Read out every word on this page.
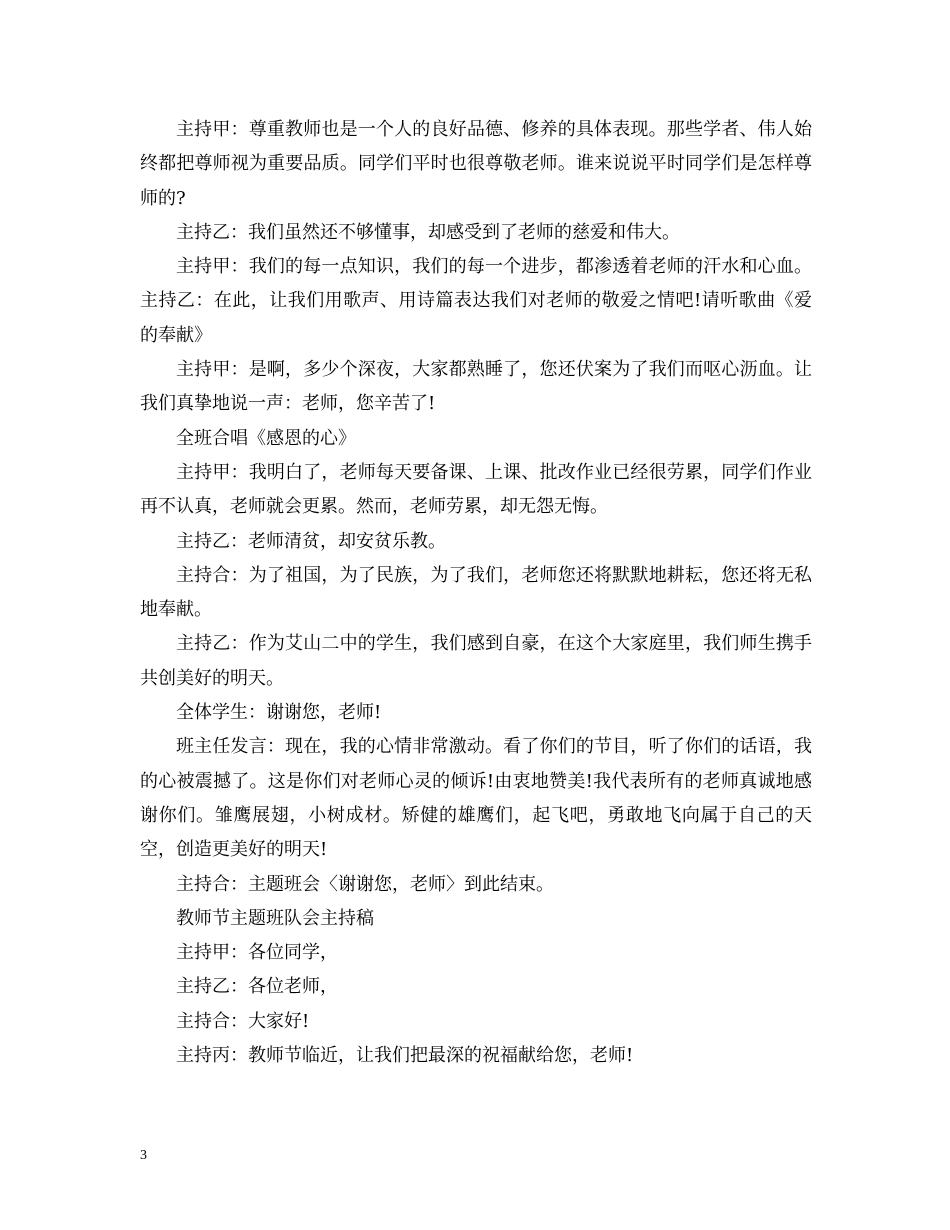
主持甲：尊重教师也是一个人的良好品德、修养的具体表现。那些学者、伟人始终都把尊师视为重要品质。同学们平时也很尊敬老师。谁来说说平时同学们是怎样尊师的?

主持乙：我们虽然还不够懂事，却感受到了老师的慈爱和伟大。

主持甲：我们的每一点知识，我们的每一个进步，都渗透着老师的汗水和心血。 主持乙：在此，让我们用歌声、用诗篇表达我们对老师的敬爱之情吧!请听歌曲《爱的奉献》

主持甲：是啊，多少个深夜，大家都熟睡了，您还伏案为了我们而呕心沥血。让我们真挚地说一声：老师，您辛苦了!

全班合唱《感恩的心》

主持甲：我明白了，老师每天要备课、上课、批改作业已经很劳累，同学们作业再不认真，老师就会更累。然而，老师劳累，却无怨无悔。

主持乙：老师清贫，却安贫乐教。

主持合：为了祖国，为了民族，为了我们，老师您还将默默地耕耘，您还将无私地奉献。

主持乙：作为艾山二中的学生，我们感到自豪，在这个大家庭里，我们师生携手共创美好的明天。

全体学生：谢谢您，老师!

班主任发言：现在，我的心情非常激动。看了你们的节目，听了你们的话语，我的心被震撼了。这是你们对老师心灵的倾诉!由衷地赞美!我代表所有的老师真诚地感谢你们。雏鹰展翅，小树成材。矫健的雄鹰们，起飞吧，勇敢地飞向属于自己的天空，创造更美好的明天!

主持合：主题班会〈谢谢您，老师〉到此结束。

教师节主题班队会主持稿

主持甲：各位同学，

主持乙：各位老师，

主持合：大家好!

主持丙：教师节临近，让我们把最深的祝福献给您，老师!

3
